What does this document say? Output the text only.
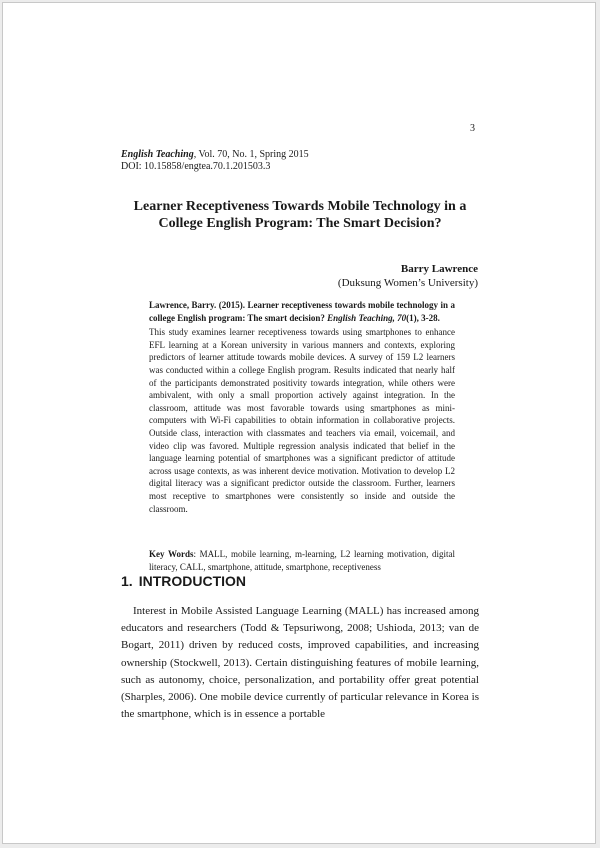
3
English Teaching, Vol. 70, No. 1, Spring 2015
DOI: 10.15858/engtea.70.1.201503.3
Learner Receptiveness Towards Mobile Technology in a College English Program: The Smart Decision?
Barry Lawrence
(Duksung Women’s University)
Lawrence, Barry. (2015). Learner receptiveness towards mobile technology in a college English program: The smart decision? English Teaching, 70(1), 3-28.
This study examines learner receptiveness towards using smartphones to enhance EFL learning at a Korean university in various manners and contexts, exploring predictors of learner attitude towards mobile devices. A survey of 159 L2 learners was conducted within a college English program. Results indicated that nearly half of the participants demonstrated positivity towards integration, while others were ambivalent, with only a small proportion actively against integration. In the classroom, attitude was most favorable towards using smartphones as mini-computers with Wi-Fi capabilities to obtain information in collaborative projects. Outside class, interaction with classmates and teachers via email, voicemail, and video clip was favored. Multiple regression analysis indicated that belief in the language learning potential of smartphones was a significant predictor of attitude across usage contexts, as was inherent device motivation. Motivation to develop L2 digital literacy was a significant predictor outside the classroom. Further, learners most receptive to smartphones were consistently so inside and outside the classroom.
Key Words: MALL, mobile learning, m-learning, L2 learning motivation, digital literacy, CALL, smartphone, attitude, smartphone, receptiveness
1. INTRODUCTION
Interest in Mobile Assisted Language Learning (MALL) has increased among educators and researchers (Todd & Tepsuriwong, 2008; Ushioda, 2013; van de Bogart, 2011) driven by reduced costs, improved capabilities, and increasing ownership (Stockwell, 2013). Certain distinguishing features of mobile learning, such as autonomy, choice, personalization, and portability offer great potential (Sharples, 2006). One mobile device currently of particular relevance in Korea is the smartphone, which is in essence a portable
